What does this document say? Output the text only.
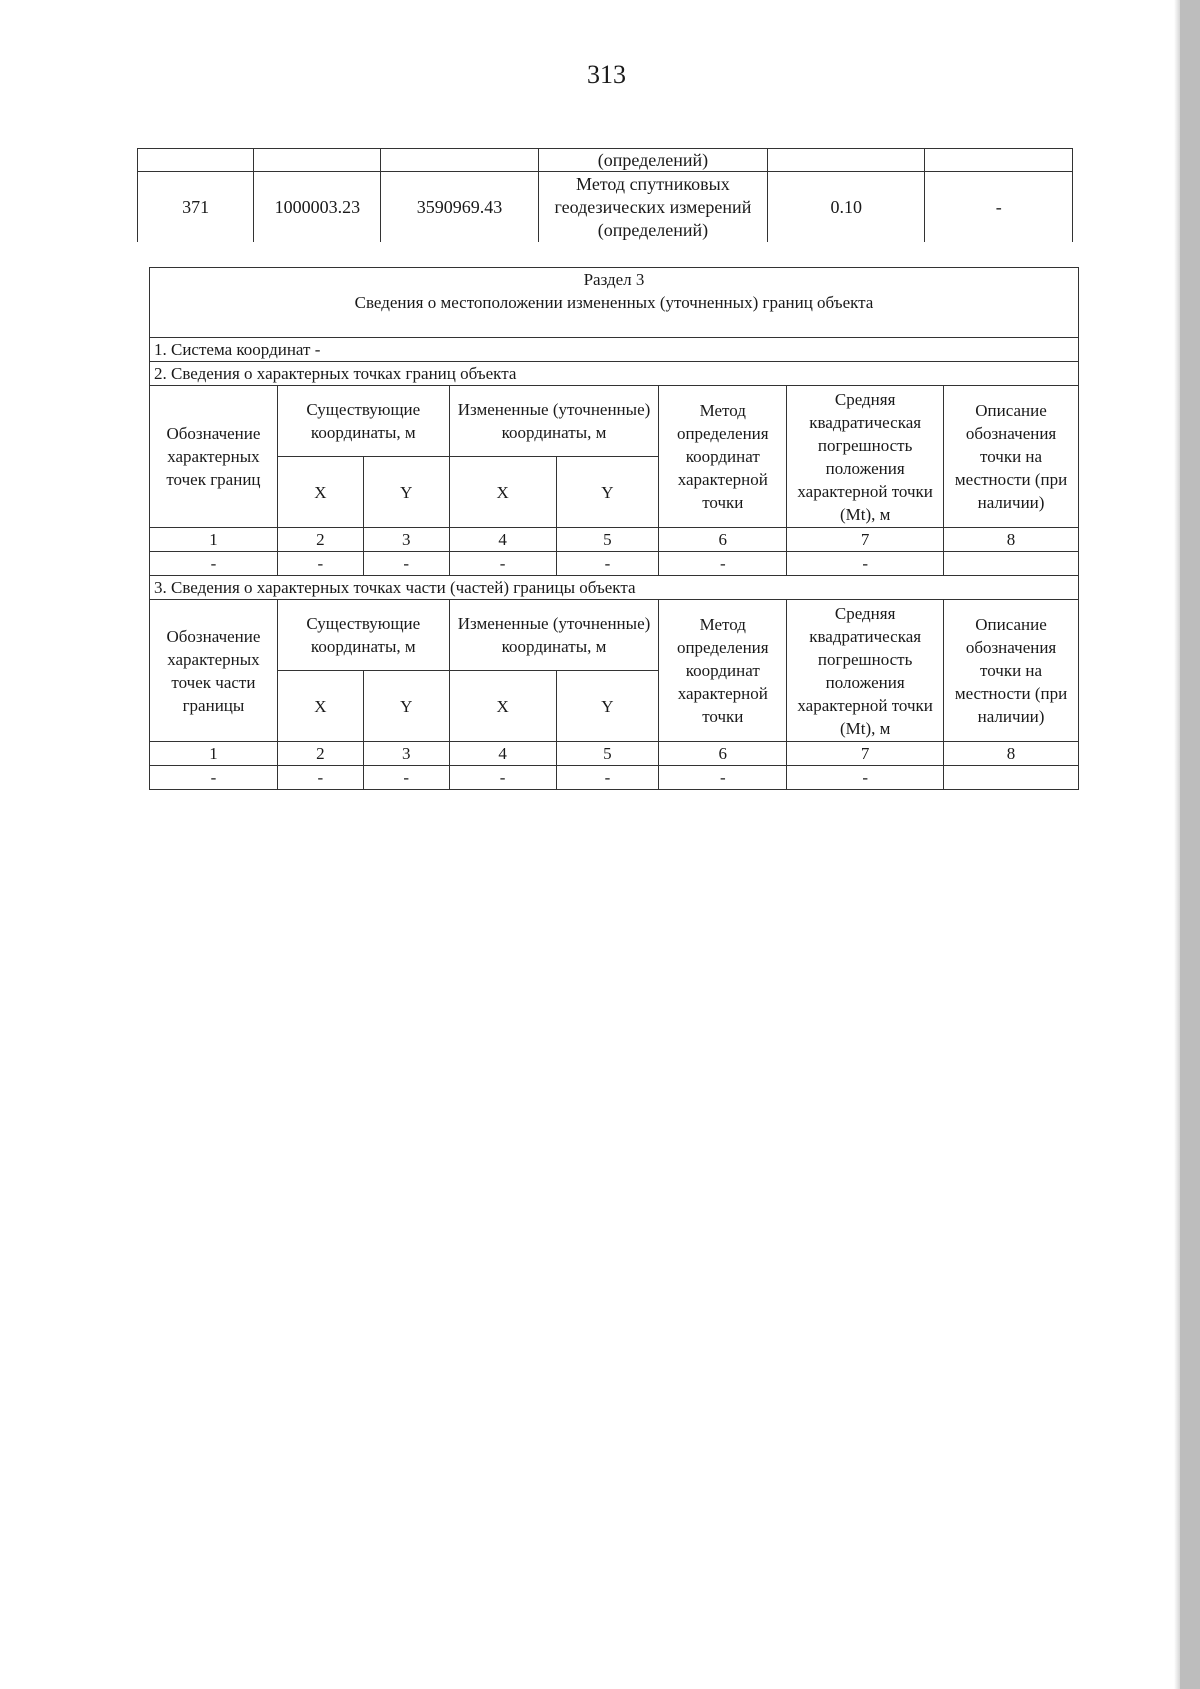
313
			(определений)		
371	1000003.23	3590969.43	Метод спутниковых геодезических измерений (определений)	0.10	-
Раздел 3							
Сведения о местоположении измененных (уточненных) границ объекта							
1. Система координат -							
2. Сведения о характерных точках границ объекта							
Обозначение характерных точек границ	Существующие координаты, м		Измененные (уточненные) координаты, м		Метод определения координат характерной точки	Средняя квадратическая погрешность положения характерной точки (Mt), м	Описание обозначения точки на местности (при наличии)
	X	Y	X	Y			
1	2	3	4	5	6	7	8
-	-	-	-	-	-	-	
3. Сведения о характерных точках части (частей) границы объекта							
Обозначение характерных точек части границы	Существующие координаты, м		Измененные (уточненные) координаты, м		Метод определения координат характерной точки	Средняя квадратическая погрешность положения характерной точки (Mt), м	Описание обозначения точки на местности (при наличии)
	X	Y	X	Y			
1	2	3	4	5	6	7	8
-	-	-	-	-	-	-	
